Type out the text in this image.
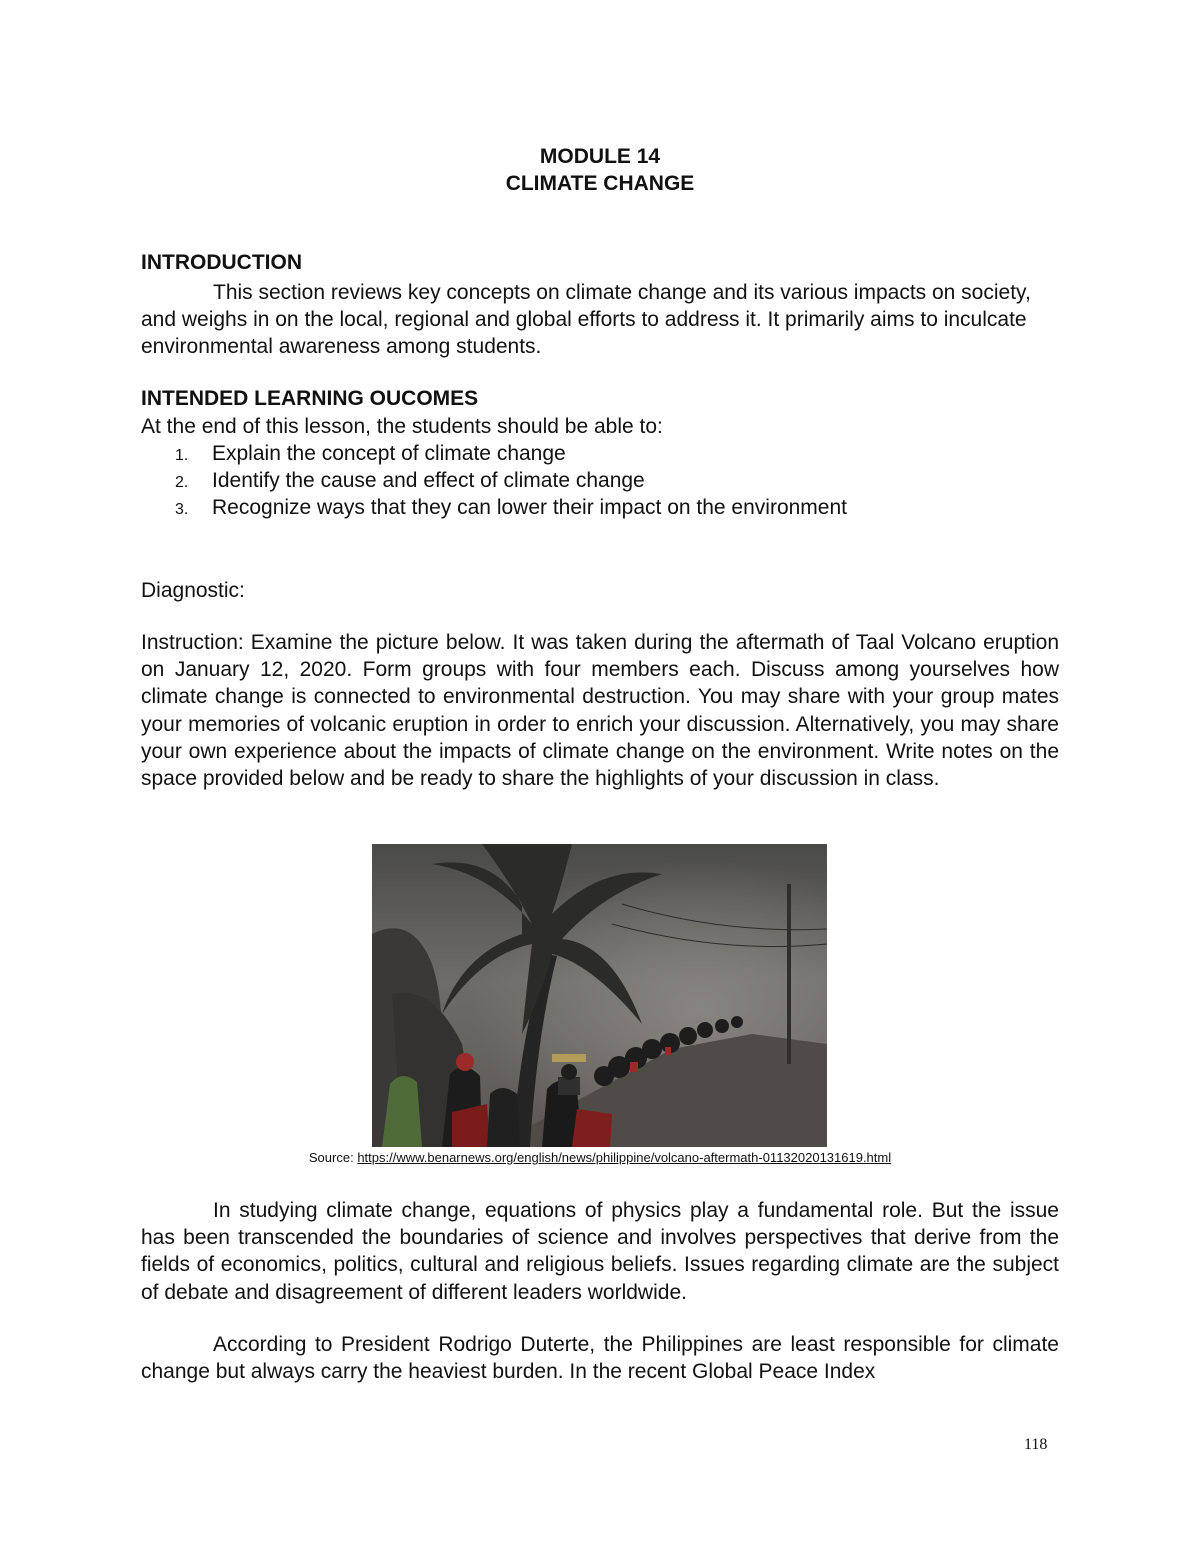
MODULE 14
CLIMATE CHANGE
INTRODUCTION

This section reviews key concepts on climate change and its various impacts on society, and weighs in on the local, regional and global efforts to address it. It primarily aims to inculcate environmental awareness among students.

INTENDED LEARNING OUCOMES
At the end of this lesson, the students should be able to:
1. Explain the concept of climate change
2. Identify the cause and effect of climate change
3. Recognize ways that they can lower their impact on the environment
Diagnostic:

Instruction: Examine the picture below. It was taken during the aftermath of Taal Volcano eruption on January 12, 2020. Form groups with four members each. Discuss among yourselves how climate change is connected to environmental destruction. You may share with your group mates your memories of volcanic eruption in order to enrich your discussion. Alternatively, you may share your own experience about the impacts of climate change on the environment. Write notes on the space provided below and be ready to share the highlights of your discussion in class.

Source: https://www.benarnews.org/english/news/philippine/volcano-aftermath-01132020131619.html

In studying climate change, equations of physics play a fundamental role. But the issue has been transcended the boundaries of science and involves perspectives that derive from the fields of economics, politics, cultural and religious beliefs. Issues regarding climate are the subject of debate and disagreement of different leaders worldwide.

According to President Rodrigo Duterte, the Philippines are least responsible for climate change but always carry the heaviest burden. In the recent Global Peace Index

118
